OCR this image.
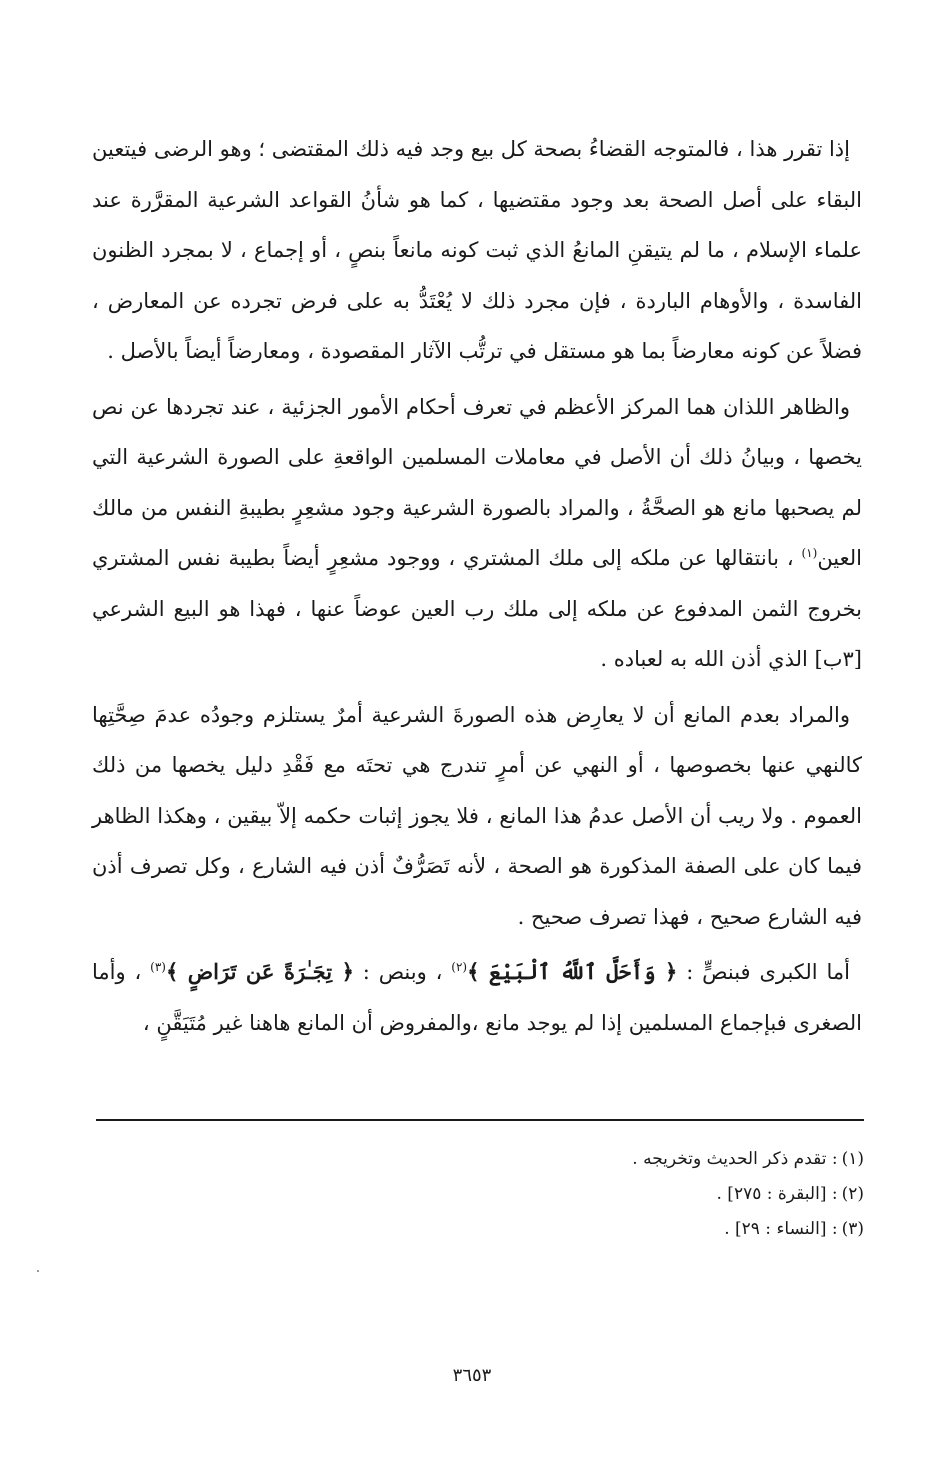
إذا تقرر هذا ، فالمتوجه القضاءُ بصحة كل بيع وجد فيه ذلك المقتضى ؛ وهو الرضى فيتعين البقاء على أصل الصحة بعد وجود مقتضيها ، كما هو شأنُ القواعد الشرعية المقرَّرة عند علماء الإسلام ، ما لم يتيقنِ المانعُ الذي ثبت كونه مانعاً بنصٍ ، أو إجماع ، لا بمجرد الظنون الفاسدة ، والأوهام الباردة ، فإن مجرد ذلك لا يُعْتَدُّ به على فرض تجرده عن المعارض ، فضلاً عن كونه معارضاً بما هو مستقل في ترتُّب الآثار المقصودة ، ومعارضاً أيضاً بالأصل .

والظاهر اللذان هما المركز الأعظم في تعرف أحكام الأمور الجزئية ، عند تجردها عن نص يخصها ، وبيانُ ذلك أن الأصل في معاملات المسلمين الواقعةِ على الصورة الشرعية التي لم يصحبها مانع هو الصحَّةُ ، والمراد بالصورة الشرعية وجود مشعِرٍ بطيبةِ النفس من مالك العين$^{(١)}$ ، بانتقالها عن ملكه إلى ملك المشتري ، ووجود مشعِرٍ أيضاً بطيبة نفس المشتري بخروج الثمن المدفوع عن ملكه إلى ملك رب العين عوضاً عنها ، فهذا هو البيع الشرعي [٣ب] الذي أذن الله به لعباده .

والمراد بعدم المانع أن لا يعارِض هذه الصورةَ الشرعية أمرٌ يستلزم وجودُه عدمَ صِحَّتِها كالنهي عنها بخصوصها ، أو النهي عن أمرٍ تندرج هي تحتَه مع فَقْدِ دليل يخصها من ذلك العموم . ولا ريب أن الأصل عدمُ هذا المانع ، فلا يجوز إثبات حكمه إلاّ بيقين ، وهكذا الظاهر فيما كان على الصفة المذكورة هو الصحة ، لأنه تَصَرُّفٌ أذن فيه الشارع ، وكل تصرف أذن فيه الشارع صحيح ، فهذا تصرف صحيح .

أما الكبرى فبنصٍّ : ﴿ وَأَحَلَّ ٱللَّهُ ٱلْبَيْعَ ﴾$^{(٢)}$ ، وبنص : ﴿ تِجَـٰرَةً عَن تَرَاضٍ ﴾$^{(٣)}$ ، وأما الصغرى فبإجماع المسلمين إذا لم يوجد مانع ،والمفروض أن المانع هاهنا غير مُتَيَقَّنٍ ،

(١): تقدم ذكر الحديث وتخريجه .

(٢): [البقرة : ٢٧٥] .

(٣): [النساء : ٢٩] .

٣٦٥٣
